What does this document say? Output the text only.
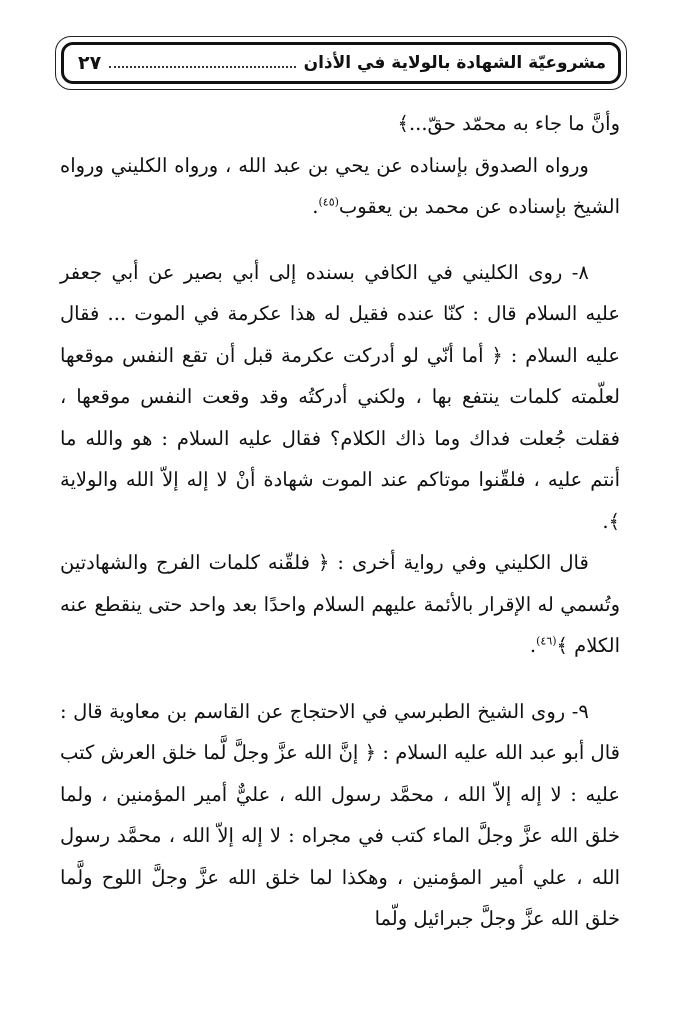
مشروعيّة الشهادة بالولاية في الأذان
٢٧

وأنَّ ما جاء به محمّد حقّ...﴾

ورواه الصدوق بإسناده عن يحي بن عبد الله ، ورواه الكليني ورواه الشيخ بإسناده عن محمد بن يعقوب$^{(٤٥)}$.

٨- روى الكليني في الكافي بسنده إلى أبي بصير عن أبي جعفر عليه السلام قال : كنّا عنده فقيل له هذا عكرمة في الموت ... فقال عليه السلام : ﴿ أما أنّي لو أدركت عكرمة قبل أن تقع النفس موقعها لعلّمته كلمات ينتفع بها ، ولكني أدركتُه وقد وقعت النفس موقعها ، فقلت جُعلت فداك وما ذاك الكلام؟ فقال عليه السلام : هو والله ما أنتم عليه ، فلقّنوا موتاكم عند الموت شهادة أنْ لا إله إلاّ الله والولاية ﴾.

قال الكليني وفي رواية أخرى : ﴿ فلقّنه كلمات الفرج والشهادتين وتُسمي له الإقرار بالأئمة عليهم السلام واحدًا بعد واحد حتى ينقطع عنه الكلام ﴾$^{(٤٦)}$.

٩- روى الشيخ الطبرسي في الاحتجاج عن القاسم بن معاوية قال : قال أبو عبد الله عليه السلام : ﴿ إنَّ الله عزَّ وجلَّ لَّما خلق العرش كتب عليه : لا إله إلاّ الله ، محمَّد رسول الله ، عليٌّ أمير المؤمنين ، ولما خلق الله عزَّ وجلَّ الماء كتب في مجراه : لا إله إلاّ الله ، محمَّد رسول الله ، علي أمير المؤمنين ، وهكذا لما خلق الله عزَّ وجلَّ اللوح ولَّما خلق الله عزَّ وجلَّ جبرائيل ولّما
